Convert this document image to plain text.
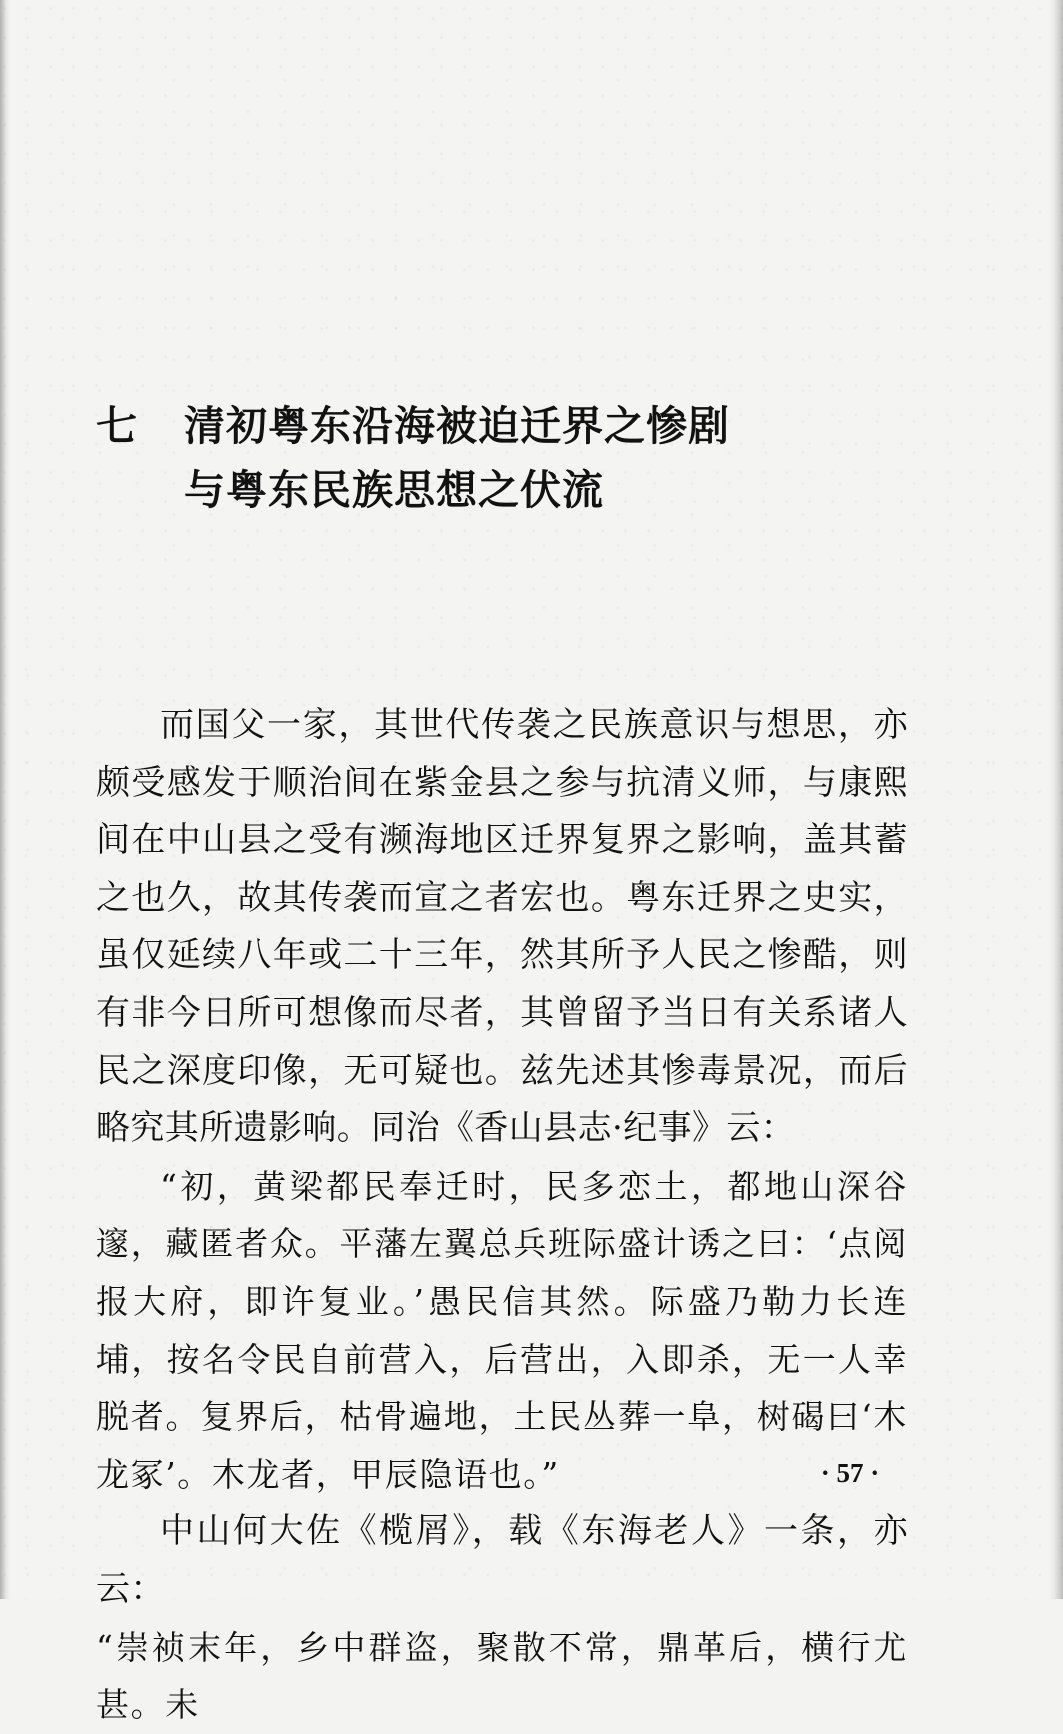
七 清初粤东沿海被迫迁界之惨剧
与粤东民族思想之伏流

而国父一家，其世代传袭之民族意识与想思，亦颇受感发于顺治间在紫金县之参与抗清义师，与康熙间在中山县之受有濒海地区迁界复界之影响，盖其蓄之也久，故其传袭而宣之者宏也。粤东迁界之史实，虽仅延续八年或二十三年，然其所予人民之惨酷，则有非今日所可想像而尽者，其曾留予当日有关系诸人民之深度印像，无可疑也。兹先述其惨毒景况，而后略究其所遗影响。同治《香山县志·纪事》云：

“初，黄梁都民奉迁时，民多恋土，都地山深谷邃，藏匿者众。平藩左翼总兵班际盛计诱之曰：‘点阅报大府，即许复业。’愚民信其然。际盛乃勒力长连埔，按名令民自前营入，后营出，入即杀，无一人幸脱者。复界后，枯骨遍地，土民丛葬一阜，树碣曰‘木龙冢’。木龙者，甲辰隐语也。”

中山何大佐《榄屑》，载《东海老人》一条，亦云：

“崇祯末年，乡中群盗，聚散不常，鼎革后，横行尤甚。未

· 57 ·
